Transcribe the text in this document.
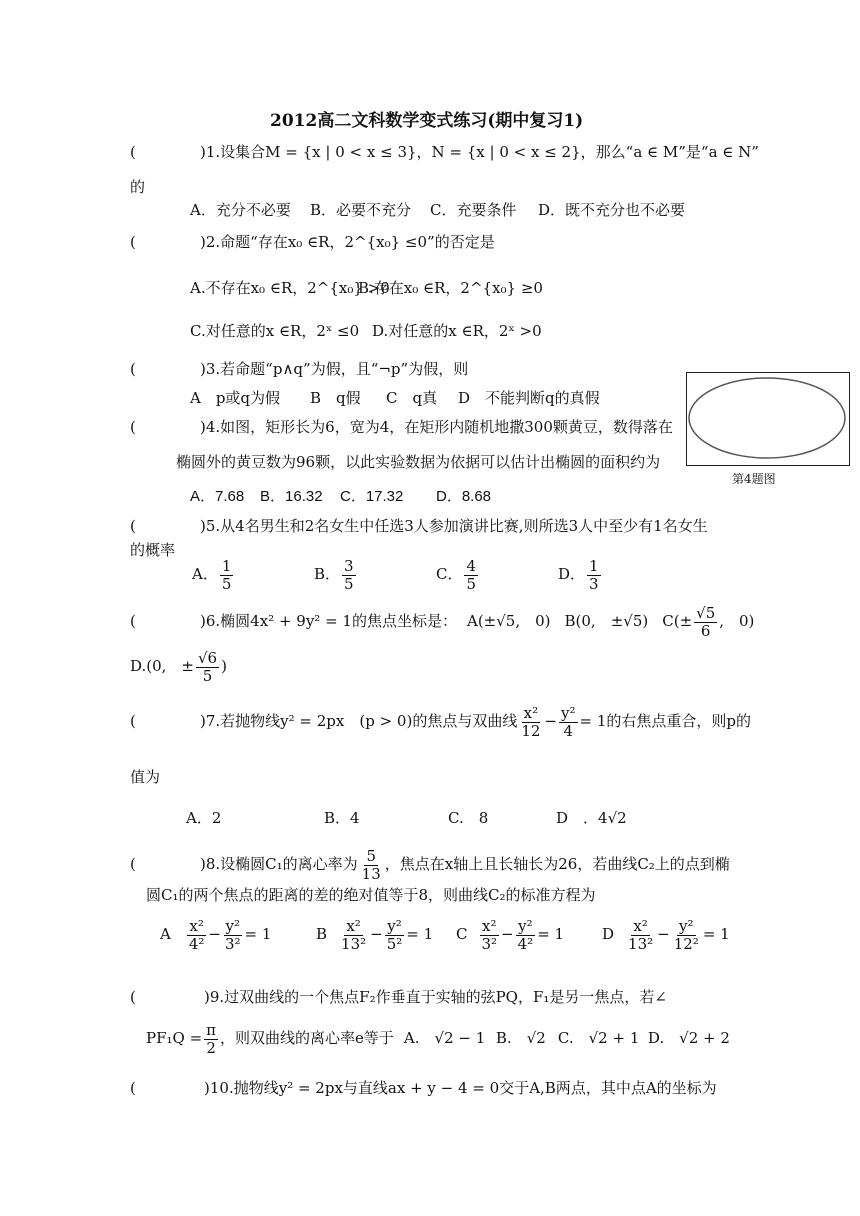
2012高二文科数学变式练习(期中复习1)
(	)1.设集合M = {x | 0 < x ≤ 3}，N = {x | 0 < x ≤ 2}，那么“a ∈ M”是“a ∈ N”
的
A．充分不必要 B．必要不充分 C．充要条件 D．既不充分也不必要
(	)2.命题“存在x₀ ∈R，2^{x₀} ≤0”的否定是
A.不存在x₀ ∈R，2^{x₀} >0B.存在x₀ ∈R，2^{x₀} ≥0
C.对任意的x ∈R，2ˣ ≤0 D.对任意的x ∈R，2ˣ >0
(	)3.若命题“p∧q”为假，且“¬p”为假，则
A　p或q为假 B　q假 C　q真 D　不能判断q的真假
第4题图
(	)4.如图，矩形长为6，宽为4，在矩形内随机地撒300颗黄豆，数得落在
椭圆外的黄豆数为96颗，以此实验数据为依据可以估计出椭圆的面积约为
A．7.68 B．16.32 C．17.32 D．8.68
(	)5.从4名男生和2名女生中任选3人参加演讲比赛,则所选3人中至少有1名女生
的概率
A． $\frac{1}{5}$	B． $\frac{3}{5}$	C． $\frac{4}{5}$	D． $\frac{1}{3}$
(	)6.椭圆4x² + 9y² = 1的焦点坐标是： A(±√5,　0) B(0,　±√5) $C(\pm \frac{√5}{6}$ ,　0)
D.(0,　± $\frac{√6}{5}$ )
(	)7.若抛物线y² = 2px　(p > 0)的焦点与双曲线 $\frac{\text{x²}}{12} - \frac{\text{y²}}{4} = 1$的右焦点重合，则p的
值为
A．2	B．4	C.　8	D　．4√2
(	)8.设椭圆C₁的离心率为 $\frac{5}{13}$ ，焦点在x轴上且长轴长为26，若曲线C₂上的点到椭
圆C₁的两个焦点的距离的差的绝对值等于8，则曲线C₂的标准方程为
A $\frac{\text{x²}}{\text{4²}} - \frac{\text{y²}}{\text{3²}} = 1$	B $\frac{\text{x²}}{\text{13²}} - \frac{\text{y²}}{\text{5²}} = 1$ C $\frac{\text{x²}}{\text{3²}} - \frac{\text{y²}}{\text{4²}} = 1$	D $\frac{\text{x²}}{\text{13²}} - \frac{\text{y²}}{\text{12²}} = 1$
(	)9.过双曲线的一个焦点F₂作垂直于实轴的弦PQ，F₁是另一焦点，若∠
$PF_1Q = \frac{\pi}{2}$ ，则双曲线的离心率e等于 A.　√2 − 1 B.　√2 C.　√2 + 1 D.　√2 + 2
(	)10.抛物线y² = 2px与直线ax + y − 4 = 0交于A,B两点，其中点A的坐标为
